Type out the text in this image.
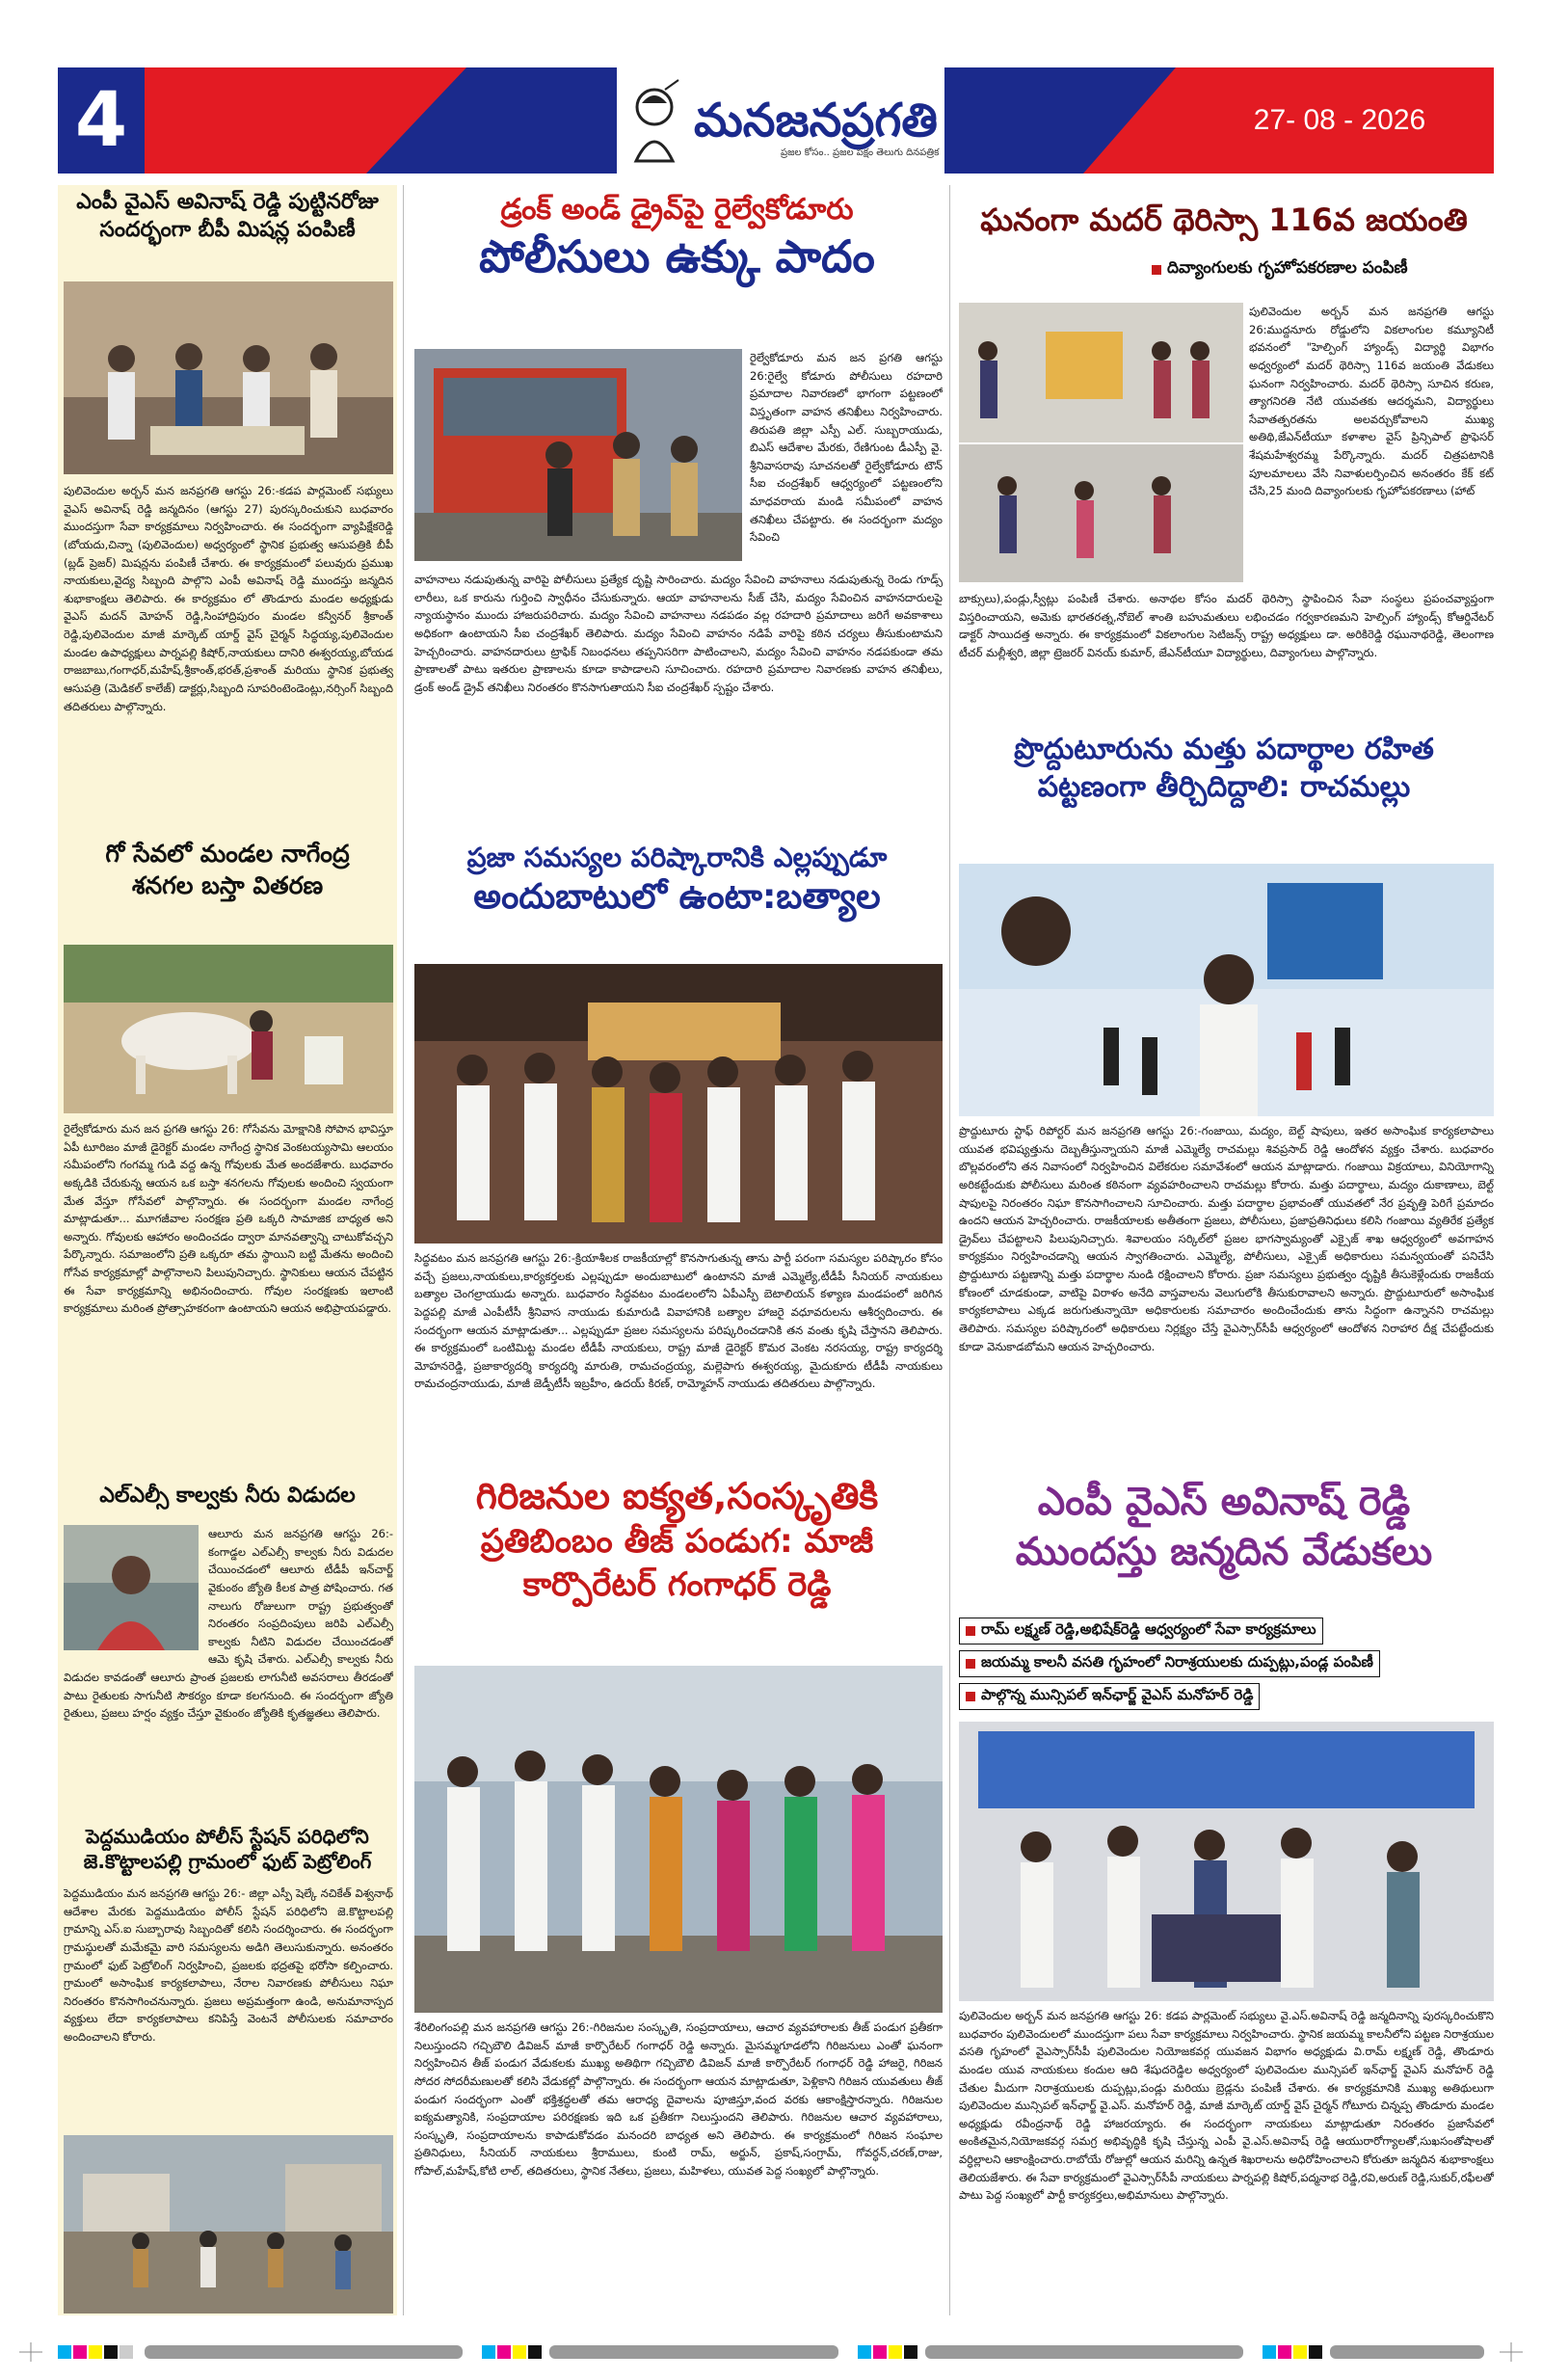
4	మనజనప్రగతి
ప్రజల కోసం.. ప్రజల పక్షం తెలుగు దినపత్రిక
27- 08 - 2026
ఎంపీ వైఎస్ అవినాష్ రెడ్డి పుట్టినరోజు
సందర్భంగా బీపీ మిషన్ల పంపిణీ
పులివెందుల అర్బన్ మన జనప్రగతి ఆగస్టు 26:-కడప పార్లమెంట్ సభ్యులు వైఎస్ అవినాష్ రెడ్డి జన్మదినం (ఆగస్టు 27) పురస్కరించుకుని బుధవారం ముందస్తుగా సేవా కార్యక్రమాలు నిర్వహించారు. ఈ సందర్భంగా వ్యాపిక్షేకరెడ్డి (బోయదు,చిన్నా (పులివెందుల) అధ్వర్యంలో స్థానిక ప్రభుత్వ ఆసుపత్రికి బీపీ (బ్లడ్ ప్రెజర్) మిషన్లను పంపిణీ చేశారు. ఈ కార్యక్రమంలో పలువురు ప్రముఖ నాయకులు,వైద్య సిబ్బంది పాల్గొని ఎంపీ అవినాష్ రెడ్డి ముందస్తు జన్మదిన శుభాకాంక్షలు తెలిపారు. ఈ కార్యక్రమం లో తొండూరు మండల అధ్యక్షుడు వైఎస్ మదన్ మోహన్ రెడ్డి,సింహాద్రిపురం మండల కన్వీనర్ శ్రీకాంత్ రెడ్డి,పులివెందుల మాజీ మార్కెట్ యార్డ్ వైస్ చైర్మన్ సిద్ధయ్య,పులివెందుల మండల ఉపాధ్యక్షులు పార్నపల్లి కిషోర్,నాయకులు దానిరి ఈశ్వరయ్య,బోయడ రాజబాబు,గంగాధర్,మహేష్,శ్రీకాంత్,భరత్,ప్రశాంత్ మరియు స్థానిక ప్రభుత్వ ఆసుపత్రి (మెడికల్ కాలేజ్) డాక్టర్లు,సిబ్బంది సూపరింటెండెంట్లు,నర్సింగ్ సిబ్బంది తదితరులు పాల్గొన్నారు.
గో సేవలో మండల నాగేంద్ర
శనగల బస్తా వితరణ
రైల్వేకోడూరు మన జన ప్రగతి ఆగస్టు 26: గోసేవను మోక్షానికి సోపాన భావిస్తూ ఏపీ టూరిజం మాజీ డైరెక్టర్ మండల నాగేంద్ర స్థానిక వెంకటయ్యసామి ఆలయం సమీపంలోని గంగమ్మ గుడి వద్ద ఉన్న గోవులకు మేత అందజేశారు. బుధవారం అక్కడికి చేరుకున్న ఆయన ఒక బస్తా శనగలను గోవులకు అందించి స్వయంగా మేత వేస్తూ గోసేవలో పాల్గొన్నారు. ఈ సందర్భంగా మండల నాగేంద్ర మాట్లాడుతూ... మూగజీవాల సంరక్షణ ప్రతి ఒక్కరి సామాజిక బాధ్యత అని అన్నారు. గోవులకు ఆహారం అందించడం ద్వారా మానవత్వాన్ని చాటుకోవచ్చని పేర్కొన్నారు. సమాజంలోని ప్రతి ఒక్కరూ తమ స్థాయిని బట్టి మేతను అందించి గోసేవ కార్యక్రమాల్లో పాల్గొనాలని పిలుపునిచ్చారు. స్థానికులు ఆయన చేపట్టిన ఈ సేవా కార్యక్రమాన్ని అభినందించారు. గోవుల సంరక్షణకు ఇలాంటి కార్యక్రమాలు మరింత ప్రోత్సాహకరంగా ఉంటాయని ఆయన అభిప్రాయపడ్డారు.
ఎల్ఎల్సీ కాల్వకు నీరు విడుదల
ఆలూరు మన జనప్రగతి ఆగస్టు 26:- కంగాడ్డల ఎల్ఎల్సీ కాల్వకు నీరు విడుదల చేయించడంలో ఆలూరు టీడీపీ ఇన్‌చార్జ్ వైకుంఠం జ్యోతి కీలక పాత్ర పోషించారు. గత నాలుగు రోజులుగా రాష్ట్ర ప్రభుత్వంతో నిరంతరం సంప్రదింపులు జరిపి ఎల్ఎల్సీ కాల్వకు నీటిని విడుదల చేయించడంతో ఆమె కృషి చేశారు. ఎల్ఎల్సీ కాల్వకు నీరు విడుదల కావడంతో ఆలూరు ప్రాంత ప్రజలకు లాగునీటి అవసరాలు తీరడంతో పాటు రైతులకు సాగునీటి సౌకర్యం కూడా కలగనుంది. ఈ సందర్భంగా జ్యోతి రైతులు, ప్రజలు హర్షం వ్యక్తం చేస్తూ వైకుంఠం జ్యోతికి కృతజ్ఞతలు తెలిపారు.
పెద్దముడియం పోలీస్ స్టేషన్ పరిధిలోని
జె.కొట్టాలపల్లి గ్రామంలో ఫుట్ పెట్రోలింగ్
పెద్దముడియం మన జనప్రగతి ఆగస్టు 26:- జిల్లా ఎస్పీ షెల్కే నచికేత్ విశ్వనాథ్ ఆదేశాల మేరకు పెద్దముడియం పోలీస్ స్టేషన్ పరిధిలోని జె.కొట్టాలపల్లి గ్రామాన్ని ఎస్.ఐ సుబ్బారావు సిబ్బందితో కలిసి సందర్శించారు. ఈ సందర్భంగా గ్రామస్థులతో మమేకమై వారి సమస్యలను అడిగి తెలుసుకున్నారు. అనంతరం గ్రామంలో ఫుట్ పెట్రోలింగ్ నిర్వహించి, ప్రజలకు భద్రతపై భరోసా కల్పించారు. గ్రామంలో అసాంఘిక కార్యకలాపాలు, నేరాల నివారణకు పోలీసులు నిఘా నిరంతరం కొనసాగించనున్నారు. ప్రజలు అప్రమత్తంగా ఉండి, అనుమానాస్పద వ్యక్తులు లేదా కార్యకలాపాలు కనిపిస్తే వెంటనే పోలీసులకు సమాచారం అందించాలని కోరారు.
డ్రంక్ అండ్ డ్రైవ్‌పై రైల్వేకోడూరు
పోలీసులు ఉక్కు పాదం
రైల్వేకోడూరు మన జన ప్రగతి ఆగస్టు 26:రైల్వే కోడూరు పోలీసులు రహదారి ప్రమాదాల నివారణలో భాగంగా పట్టణంలో విస్తృతంగా వాహన తనిఖీలు నిర్వహించారు. తిరుపతి జిల్లా ఎస్పీ ఎల్. సుబ్బరాయుడు, బిఎస్ ఆదేశాల మేరకు, రేణిగుంట డీఎస్పీ వై. శ్రీనివాసరావు సూచనలతో రైల్వేకోడూరు టౌన్ సీఐ చంద్రశేఖర్ ఆధ్వర్యంలో పట్టణంలోని మాధవరాయ మండి సమీపంలో వాహన తనిఖీలు చేపట్టారు. ఈ సందర్భంగా మద్యం సేవించి
వాహనాలు నడుపుతున్న వారిపై పోలీసులు ప్రత్యేక దృష్టి సారించారు. మద్యం సేవించి వాహనాలు నడుపుతున్న రెండు గూడ్స్ లారీలు, ఒక కారును గుర్తించి స్వాధీనం చేసుకున్నారు. ఆయా వాహనాలను సీజ్ చేసి, మద్యం సేవించిన వాహనదారులపై న్యాయస్థానం ముందు హాజరుపరిచారు. మద్యం సేవించి వాహనాలు నడపడం వల్ల రహదారి ప్రమాదాలు జరిగే అవకాశాలు అధికంగా ఉంటాయని సీఐ చంద్రశేఖర్ తెలిపారు. మద్యం సేవించి వాహనం నడిపే వారిపై కఠిన చర్యలు తీసుకుంటామని హెచ్చరించారు. వాహనదారులు ట్రాఫిక్ నిబంధనలు తప్పనిసరిగా పాటించాలని, మద్యం సేవించి వాహనం నడపకుండా తమ ప్రాణాలతో పాటు ఇతరుల ప్రాణాలను కూడా కాపాడాలని సూచించారు. రహదారి ప్రమాదాల నివారణకు వాహన తనిఖీలు, డ్రంక్ అండ్ డ్రైవ్ తనిఖీలు నిరంతరం కొనసాగుతాయని సీఐ చంద్రశేఖర్ స్పష్టం చేశారు.
ప్రజా సమస్యల పరిష్కారానికి ఎల్లప్పుడూ
అందుబాటులో ఉంటా:బత్యాల
సిద్ధవటం మన జనప్రగతి ఆగస్టు 26:-క్రియాశీలక రాజకీయాల్లో కొనసాగుతున్న తాను పార్టీ పరంగా సమస్యల పరిష్కారం కోసం వచ్చే ప్రజలు,నాయకులు,కార్యకర్తలకు ఎల్లప్పుడూ అందుబాటులో ఉంటానని మాజీ ఎమ్మెల్యే,టీడీపీ సీనియర్ నాయకులు బత్యాల చెంగల్రాయుడు అన్నారు. బుధవారం సిద్ధవటం మండలంలోని ఏపీఎస్పీ బెటాలియన్ కళ్యాణ మండపంలో జరిగిన పెద్దపల్లి మాజీ ఎంపీటీసీ శ్రీనివాస నాయుడు కుమారుడి వివాహానికి బత్యాల హాజరై వధూవరులను ఆశీర్వదించారు. ఈ సందర్భంగా ఆయన మాట్లాడుతూ... ఎల్లప్పుడూ ప్రజల సమస్యలను పరిష్కరించడానికి తన వంతు కృషి చేస్తానని తెలిపారు. ఈ కార్యక్రమంలో ఒంటిమిట్ట మండల టీడీపీ నాయకులు, రాష్ట్ర మాజీ డైరెక్టర్ కొమర వెంకట నరసయ్య, రాష్ట్ర కార్యదర్శి మోహనరెడ్డి, ప్రజాకార్యదర్శి కార్యదర్శి మారుతి, రామచంద్రయ్య, మల్లెపాగు ఈశ్వరయ్య, మైదుకూరు టీడీపీ నాయకులు రామచంద్రనాయుడు, మాజీ జెడ్పీటీసీ ఇబ్రహీం, ఉదయ్ కిరణ్, రామ్మోహన్ నాయుడు తదితరులు పాల్గొన్నారు.
గిరిజనుల ఐక్యత,సంస్కృతికి
ప్రతిబింబం తీజ్ పండుగ: మాజీ
కార్పొరేటర్ గంగాధర్ రెడ్డి
శేరిలింగంపల్లి మన జనప్రగతి ఆగస్టు 26:-గిరిజనుల సంస్కృతి, సంప్రదాయాలు, ఆచార వ్యవహారాలకు తీజ్ పండుగ ప్రతీకగా నిలుస్తుందని గచ్చిబౌలి డివిజన్ మాజీ కార్పొరేటర్ గంగాధర్ రెడ్డి అన్నారు. మైసమ్మగూడలోని గిరిజనులు ఎంతో ఘనంగా నిర్వహించిన తీజ్ పండుగ వేడుకలకు ముఖ్య అతిథిగా గచ్చిబౌలి డివిజన్ మాజీ కార్పొరేటర్ గంగాధర్ రెడ్డి హాజరై, గిరిజన సోదర సోదరీమణులతో కలిసి వేడుకల్లో పాల్గొన్నారు. ఈ సందర్భంగా ఆయన మాట్లాడుతూ, పెళ్లికాని గిరిజన యువతులు తీజ్ పండుగ సందర్భంగా ఎంతో భక్తిశ్రద్ధలతో తమ ఆరాధ్య దైవాలను పూజిస్తూ,వంద వరకు ఆకాంక్షిస్తారన్నారు. గిరిజనుల ఐక్యమత్యానికి, సంప్రదాయాల పరిరక్షణకు ఇది ఒక ప్రతీకగా నిలుస్తుందని తెలిపారు. గిరిజనుల ఆచార వ్యవహారాలు, సంస్కృతి, సంప్రదాయాలను కాపాడుకోవడం మనందరి బాధ్యత అని తెలిపారు. ఈ కార్యక్రమంలో గిరిజన సంఘాల ప్రతినిధులు, సీనియర్ నాయకులు శ్రీరాములు, కుంటి రామ్, అర్జున్, ప్రకాష్,సంగ్రామ్, గోవర్ధన్,చరణ్,రాజు, గోపాల్,మహేష్,కోటి లాల్, తదితరులు, స్థానిక నేతలు, ప్రజలు, మహిళలు, యువత పెద్ద సంఖ్యలో పాల్గొన్నారు.
ఘనంగా మదర్ థెరిస్సా 116వ జయంతి
దివ్యాంగులకు గృహోపకరణాల పంపిణీ
పులివెందుల అర్బన్ మన జనప్రగతి ఆగస్టు 26:ముద్దనూరు రోడ్డులోని వికలాంగుల కమ్యూనిటీ భవనంలో "హెల్పింగ్ హ్యాండ్స్ విద్యార్థి విభాగం అధ్వర్యంలో మదర్ థెరిస్సా 116వ జయంతి వేడుకలు ఘనంగా నిర్వహించారు. మదర్ థెరిస్సా సూచిన కరుణ, త్యాగనిరతి నేటి యువతకు ఆదర్శమని, విద్యార్థులు సేవాతత్పరతను అలవర్చుకోవాలని ముఖ్య అతిథి,జేఎన్‌టీయూ కళాశాల వైస్ ప్రిన్సిపాల్ ప్రొఫెసర్ శేషమహేశ్వరమ్మ పేర్కొన్నారు. మదర్ చిత్రపటానికి పూలమాలలు వేసి నివాళులర్పించిన అనంతరం కేక్ కట్ చేసి,25 మంది దివ్యాంగులకు గృహోపకరణాలు (హాట్
బాక్సులు),పండ్లు,స్వీట్లు పంపిణీ చేశారు. అనాథల కోసం మదర్ థెరిస్సా స్థాపించిన సేవా సంస్థలు ప్రపంచవ్యాప్తంగా విస్తరించాయని, అమెకు భారతరత్న,నోబెల్ శాంతి బహుమతులు లభించడం గర్వకారణమని హెల్పింగ్ హ్యాండ్స్ కోఆర్డినేటర్ డాక్టర్ సాయిదత్త అన్నారు. ఈ కార్యక్రమంలో వికలాంగుల సెటిజన్స్ రాష్ట్ర అధ్యక్షులు డా. అరికిరెడ్డి రఘునాథరెడ్డి, తెలంగాణ టీచర్ మల్లీశ్వరి, జిల్లా ట్రెజరర్ వినయ్ కుమార్, జేఎన్‌టీయూ విద్యార్థులు, దివ్యాంగులు పాల్గొన్నారు.
ప్రొద్దుటూరును మత్తు పదార్థాల రహిత
పట్టణంగా తీర్చిదిద్దాలి: రాచమల్లు
ప్రొద్దుటూరు స్టాఫ్ రిపోర్టర్ మన జనప్రగతి ఆగస్టు 26:-గంజాయి, మద్యం, బెల్ట్ షాపులు, ఇతర అసాంఘిక కార్యకలాపాలు యువత భవిష్యత్తును దెబ్బతీస్తున్నాయని మాజీ ఎమ్మెల్యే రాచమల్లు శివప్రసాద్ రెడ్డి ఆందోళన వ్యక్తం చేశారు. బుధవారం బొల్లవరంలోని తన నివాసంలో నిర్వహించిన విలేకరుల సమావేశంలో ఆయన మాట్లాడారు. గంజాయి విక్రయాలు, వినియోగాన్ని అరికట్టేందుకు పోలీసులు మరింత కఠినంగా వ్యవహరించాలని రాచమల్లు కోరారు. మత్తు పదార్థాలు, మద్యం దుకాణాలు, బెల్ట్ షాపులపై నిరంతరం నిఘా కొనసాగించాలని సూచించారు. మత్తు పదార్థాల ప్రభావంతో యువతలో నేర ప్రవృత్తి పెరిగే ప్రమాదం ఉందని ఆయన హెచ్చరించారు. రాజకీయాలకు అతీతంగా ప్రజలు, పోలీసులు, ప్రజాప్రతినిధులు కలిసి గంజాయి వ్యతిరేక ప్రత్యేక డ్రైవ్‌లు చేపట్టాలని పిలుపునిచ్చారు. శివాలయం సర్కిల్‌లో ప్రజల భాగస్వామ్యంతో ఎక్సైజ్ శాఖ ఆధ్వర్యంలో అవగాహన కార్యక్రమం నిర్వహించడాన్ని ఆయన స్వాగతించారు. ఎమ్మెల్యే, పోలీసులు, ఎక్సైజ్ అధికారులు సమన్వయంతో పనిచేసి ప్రొద్దుటూరు పట్టణాన్ని మత్తు పదార్థాల నుండి రక్షించాలని కోరారు. ప్రజా సమస్యలు ప్రభుత్వం దృష్టికి తీసుకెళ్లేందుకు రాజకీయ కోణంలో చూడకుండా, వాటిపై విరాళం అనేది వాస్తవాలను వెలుగులోకి తీసుకురావాలని అన్నారు. ప్రొద్దుటూరులో అసాంఘిక కార్యకలాపాలు ఎక్కడ జరుగుతున్నాయో అధికారులకు సమాచారం అందించేందుకు తాను సిద్ధంగా ఉన్నానని రాచమల్లు తెలిపారు. సమస్యల పరిష్కారంలో అధికారులు నిర్లక్ష్యం చేస్తే వైఎస్సార్‌సీపీ ఆధ్వర్యంలో ఆందోళన నిరాహార దీక్ష చేపట్టేందుకు కూడా వెనుకాడబోమని ఆయన హెచ్చరించారు.
ఎంపీ వైఎస్ అవినాష్ రెడ్డి
ముందస్తు జన్మదిన వేడుకలు
రామ్ లక్ష్మణ్ రెడ్డి,అభిషేక్‌రెడ్డి ఆధ్వర్యంలో సేవా కార్యక్రమాలు
జయమ్మ కాలనీ వసతి గృహంలో నిరాశ్రయులకు దుప్పట్లు,పండ్ల పంపిణీ
పాల్గొన్న మున్సిపల్ ఇన్‌ఛార్జ్ వైఎస్ మనోహర్ రెడ్డి
పులివెందుల అర్బన్ మన జనప్రగతి ఆగస్టు 26: కడప పార్లమెంట్ సభ్యులు వై.ఎస్.అవినాష్ రెడ్డి జన్మదినాన్ని పురస్కరించుకొని బుధవారం పులివెందులలో ముందస్తుగా పలు సేవా కార్యక్రమాలు నిర్వహించారు. స్థానిక జయమ్మ కాలనీలోని పట్టణ నిరాశ్రయుల వసతి గృహంలో వైఎస్సార్‌సీపీ పులివెందుల నియోజకవర్గ యువజన విభాగం అధ్యక్షుడు వి.రామ్ లక్ష్మణ్ రెడ్డి, తొండూరు మండల యువ నాయకులు కందుల ఆది శేషుదరెడ్డిల అధ్వర్యంలో పులివెందుల మున్సిపల్ ఇన్‌ఛార్జ్ వైఎస్ మనోహర్ రెడ్డి చేతుల మీదుగా నిరాశ్రయులకు దుప్పట్లు,పండ్లు మరియు బ్రెడ్లను పంపిణీ చేశారు. ఈ కార్యక్రమానికి ముఖ్య అతిథులుగా పులివెందుల మున్సిపల్ ఇన్‌ఛార్జ్ వై.ఎస్. మనోహర్ రెడ్డి, మాజీ మార్కెట్ యార్డ్ వైస్ చైర్మన్ గోటూరు చిన్నప్ప తొండూరు మండల అధ్యక్షుడు రవీంద్రనాథ్ రెడ్డి హాజరయ్యారు. ఈ సందర్భంగా నాయకులు మాట్లాడుతూ నిరంతరం ప్రజాసేవలో అంకితమైన,నియోజకవర్గ సమగ్ర అభివృద్ధికి కృషి చేస్తున్న ఎంపీ వై.ఎస్.అవినాష్ రెడ్డి ఆయురారోగ్యాలతో,సుఖసంతోషాలతో వర్ధిల్లాలని ఆకాంక్షించారు.రాబోయే రోజుల్లో ఆయన మరిన్ని ఉన్నత శిఖరాలను అధిరోహించాలని కోరుతూ జన్మదిన శుభాకాంక్షలు తెలియజేశారు. ఈ సేవా కార్యక్రమంలో వైఎస్సార్‌సీపీ నాయకులు పార్నపల్లి కిషోర్,పద్మనాభ రెడ్డి,రవి,అరుణ్ రెడ్డి,సుకుర్,రఫీలతో పాటు పెద్ద సంఖ్యలో పార్టీ కార్యకర్తలు,అభిమానులు పాల్గొన్నారు.
